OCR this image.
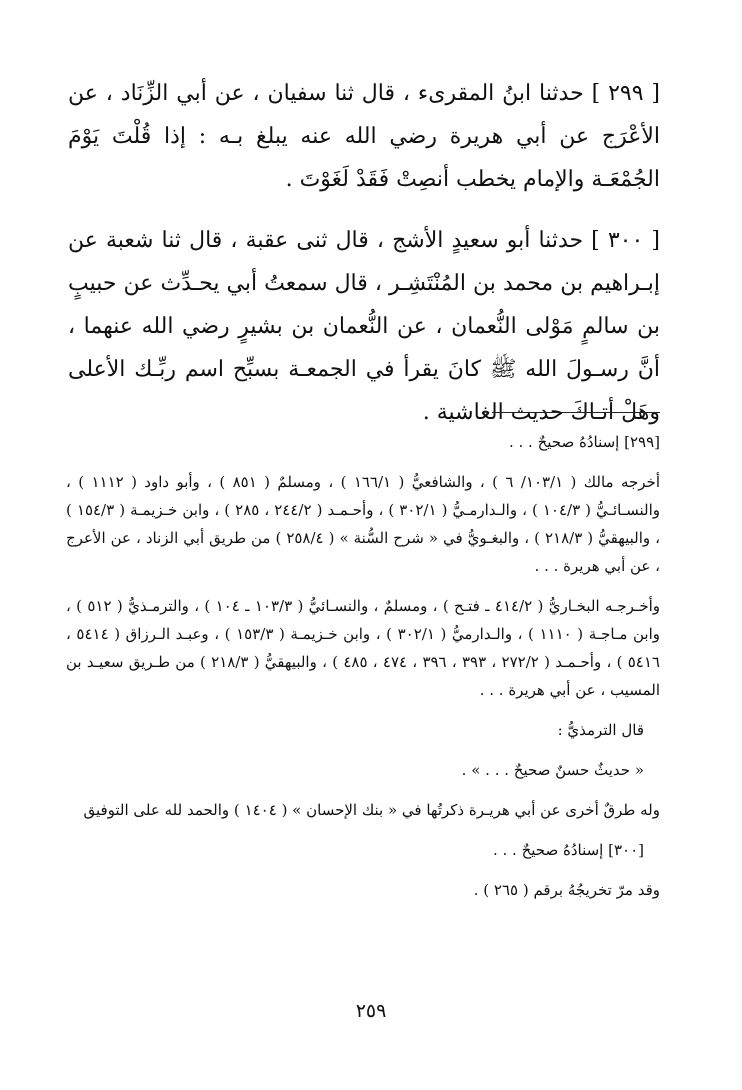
[ ٢٩٩ ] حدثنا ابنُ المقرىء ، قال ثنا سفيان ، عن أبي الزِّنَاد ، عن الأعْرَج عن أبي هريرة رضي الله عنه يبلغ بـه : إذا قُلْتَ يَوْمَ الجُمْعَـة والإمام يخطب أنصِتْ فَقَدْ لَغَوْتَ .

[ ٣٠٠ ] حدثنا أبو سعيدٍ الأشج ، قال ثنى عقبة ، قال ثنا شعبة عن إبـراهيم بن محمد بن المُنْتَشِـر ، قال سمعتُ أبي يحـدِّث عن حبيبٍ بن سالمٍ مَوْلى النُّعمان ، عن النُّعمان بن بشيرٍ رضي الله عنهما ، أنَّ رسـولَ الله ﷺ كانَ يقرأ في الجمعـة بسبِّح اسم ربِّـك الأعلى وهَلْ أتـاكَ حديث الغاشية .

[٢٩٩] إسنادُهُ صحيحٌ . . .

أخرجه مالك ( ١٠٣/١/ ٦ ) ، والشافعيُّ ( ١٦٦/١ ) ، ومسلمٌ ( ٨٥١ ) ، وأبو داود ( ١١١٢ ) ، والنسـائـيُّ ( ١٠٤/٣ ) ، والـدارمـيُّ ( ٣٠٢/١ ) ، وأحـمـد ( ٢٤٤/٢ ، ٢٨٥ ) ، وابن خـزيمـة ( ١٥٤/٣ ) ، والبيهقيُّ ( ٢١٨/٣ ) ، والبغـويُّ في « شرح السُّنة » ( ٢٥٨/٤ ) من طريق أبي الزناد ، عن الأعرج ، عن أبي هريرة . . .

وأخـرجـه البخـاريُّ ( ٤١٤/٢ ـ فتـح ) ، ومسلمٌ ، والنسـائيُّ ( ١٠٣/٣ ـ ١٠٤ ) ، والترمـذيُّ ( ٥١٢ ) ، وابن مـاجـة ( ١١١٠ ) ، والـدارميُّ ( ٣٠٢/١ ) ، وابن خـزيمـة ( ١٥٣/٣ ) ، وعبـد الـرزاق ( ٥٤١٤ ، ٥٤١٦ ) ، وأحـمـد ( ٢٧٢/٢ ، ٣٩٣ ، ٣٩٦ ، ٤٧٤ ، ٤٨٥ ) ، والبيهقيُّ ( ٢١٨/٣ ) من طـريق سعيـد بن المسيب ، عن أبي هريرة . . .

قال الترمذيُّ :

« حديثٌ حسنٌ صحيحٌ . . . » .

وله طرقٌ أخرى عن أبي هريـرة ذكرتُها في « بنك الإحسان » ( ١٤٠٤ ) والحمد لله على التوفيق

[٣٠٠] إسنادُهُ صحيحٌ . . .

وقد مرّ تخريجُهُ برقم ( ٢٦٥ ) .

٢٥٩
